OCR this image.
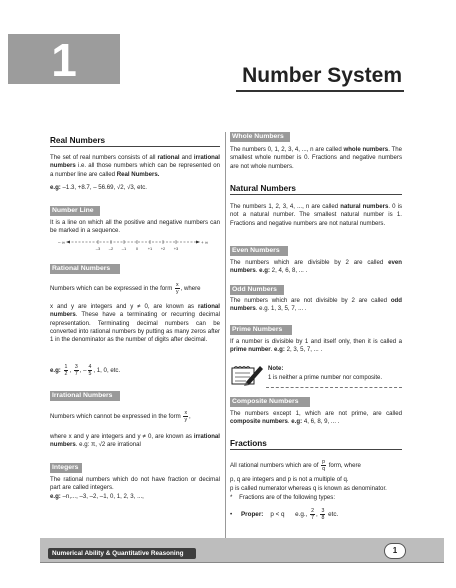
1	Number System
Real Numbers
The set of real numbers consists of all rational and irrational numbers i.e. all those numbers which can be represented on a number line are called Real Numbers.
e.g: –1.3, +8.7, – 56.69, √2, √3, etc.
Number Line
It is a line on which all the positive and negative numbers can be marked in a sequence.
– ∞	+ ∞
–3 –2 –1 0 +1 +2 +3
Rational Numbers
Numbers which can be expressed in the form $\frac{x}{y}$ , where
x and y are integers and y ≠ 0, are known as rational numbers. These have a terminating or recurring decimal representation. Terminating decimal numbers can be converted into rational numbers by putting as many zeros after 1 in the denominator as the number of digits after decimal.
e.g: $\frac{1}{2}$ , $\frac{3}{7}$ , – $\frac{4}{5}$ , 1, 0, etc.
Irrational Numbers
Numbers which cannot be expressed in the form $\frac{x}{y}$ ,
where x and y are integers and y ≠ 0, are known as irrational numbers. e.g: π, √2 are irrational
Integers
The rational numbers which do not have fraction or decimal part are called integers.
e.g: –n,..., –3, –2, –1, 0, 1, 2, 3, ...,
Whole Numbers
The numbers 0, 1, 2, 3, 4, ..., n are called whole numbers. The smallest whole number is 0. Fractions and negative numbers are not whole numbers.
Natural Numbers
The numbers 1, 2, 3, 4, ..., n are called natural numbers. 0 is not a natural number. The smallest natural number is 1. Fractions and negative numbers are not natural numbers.
Even Numbers
The numbers which are divisible by 2 are called even numbers. e.g: 2, 4, 6, 8, ... .
Odd Numbers
The numbers which are not divisible by 2 are called odd numbers. e.g. 1, 3, 5, 7, ... .
Prime Numbers
If a number is divisible by 1 and itself only, then it is called a prime number. e.g: 2, 3, 5, 7, ... .
Note:
1 is neither a prime number nor composite.
Composite Numbers
The numbers except 1, which are not prime, are called composite numbers. e.g: 4, 6, 8, 9, ... .
Fractions
All rational numbers which are of $\frac{p}{q}$ form, where
p, q are integers and p is not a multiple of q.
p is called numerator whereas q is known as denominator.
* Fractions are of the following types:
• Proper: p < q e.g., $\frac{2}{7}$ , $\frac{3}{8}$ etc.
Numerical Ability & Quantitative Reasoning	1
